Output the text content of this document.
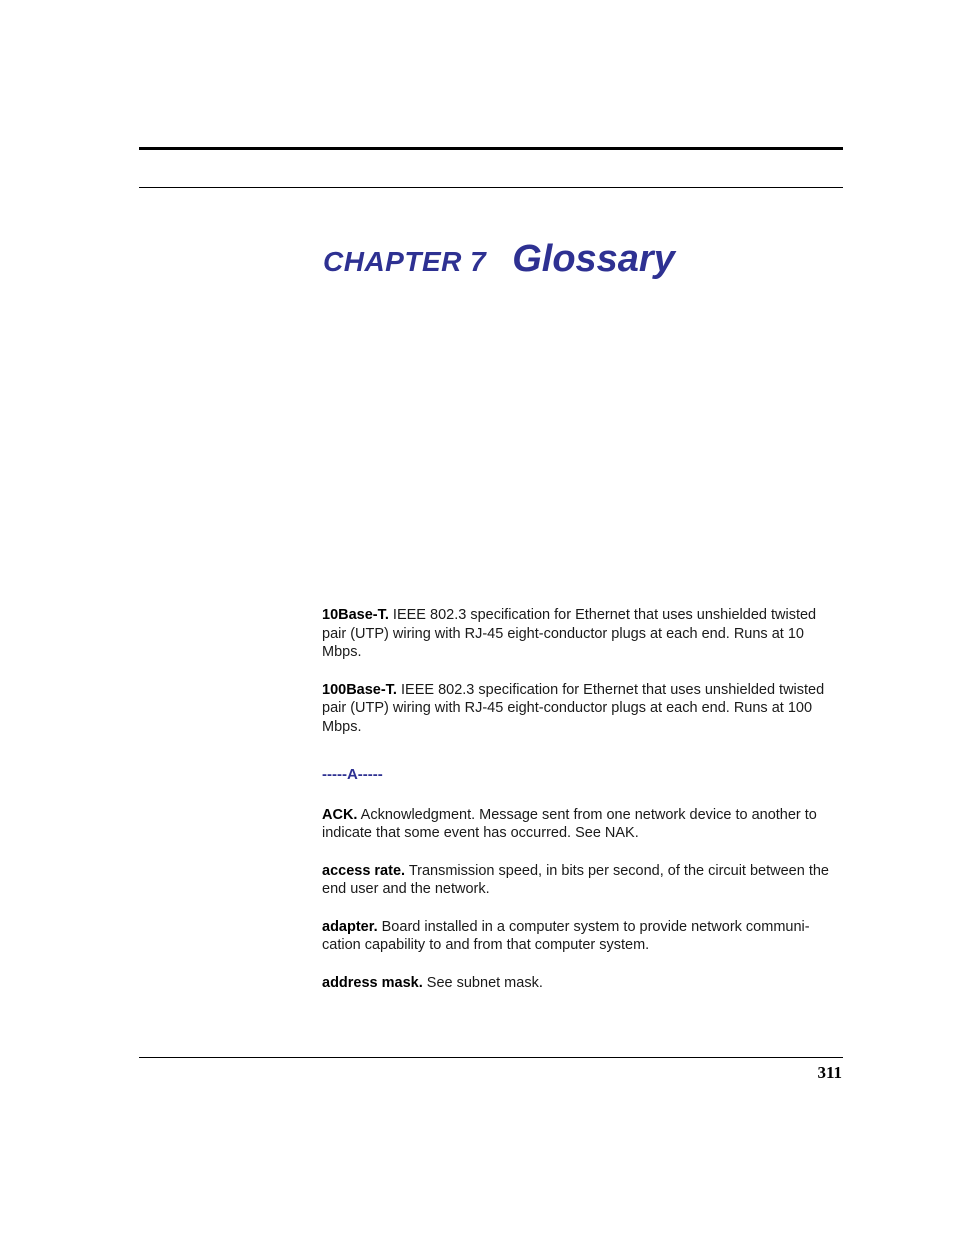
CHAPTER 7 Glossary

10Base-T. IEEE 802.3 specification for Ethernet that uses unshielded twisted pair (UTP) wiring with RJ-45 eight-conductor plugs at each end. Runs at 10 Mbps.

100Base-T. IEEE 802.3 specification for Ethernet that uses unshielded twisted pair (UTP) wiring with RJ-45 eight-conductor plugs at each end. Runs at 100 Mbps.

-----A-----

ACK. Acknowledgment. Message sent from one network device to another to indicate that some event has occurred. See NAK.

access rate. Transmission speed, in bits per second, of the circuit between the end user and the network.

adapter. Board installed in a computer system to provide network communi-cation capability to and from that computer system.

address mask. See subnet mask.

311
